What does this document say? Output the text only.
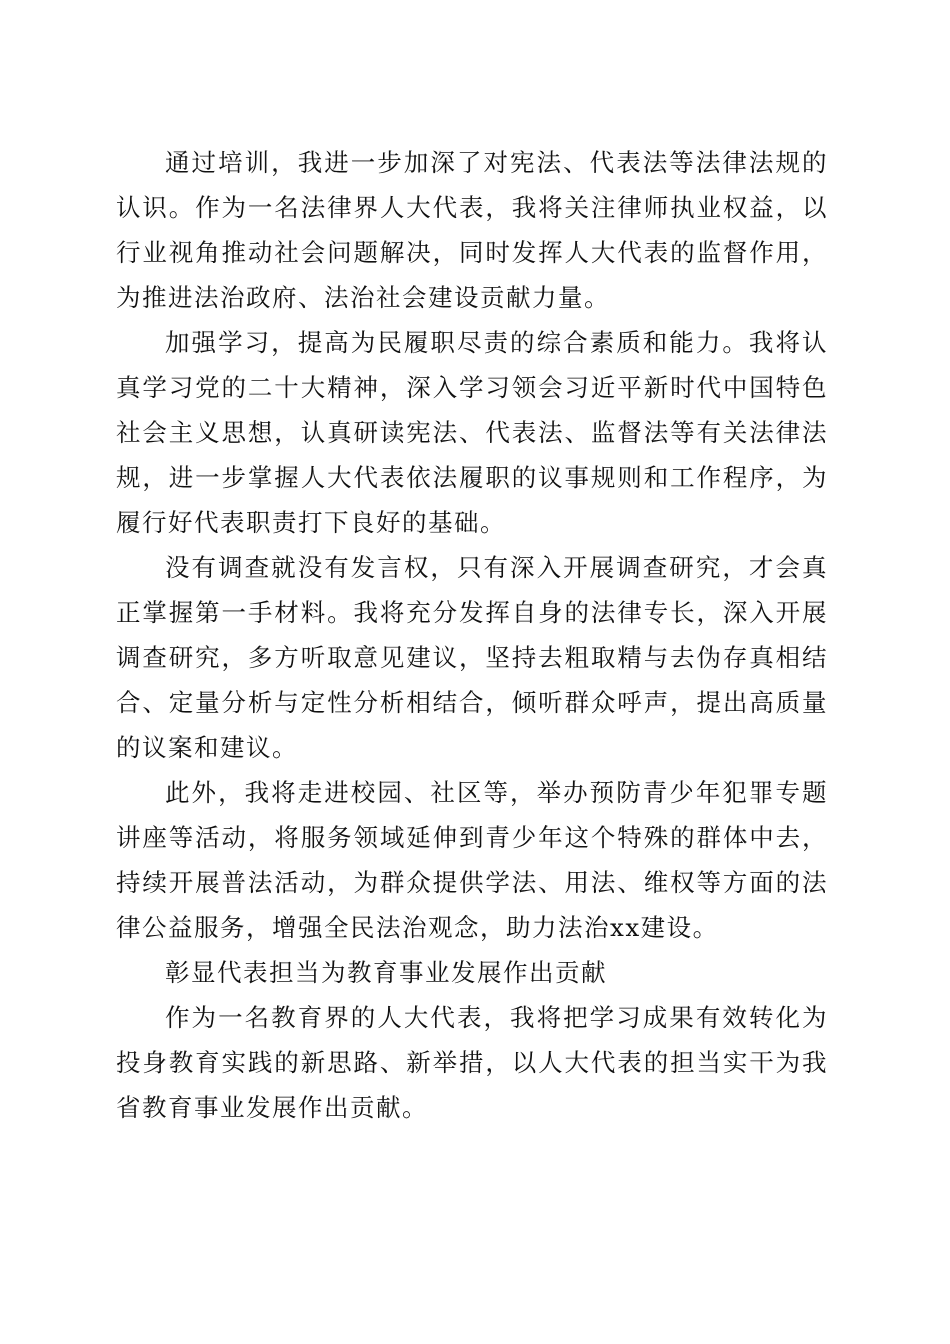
通过培训，我进一步加深了对宪法、代表法等法律法规的认识。作为一名法律界人大代表，我将关注律师执业权益，以行业视角推动社会问题解决，同时发挥人大代表的监督作用，为推进法治政府、法治社会建设贡献力量。

加强学习，提高为民履职尽责的综合素质和能力。我将认真学习党的二十大精神，深入学习领会习近平新时代中国特色社会主义思想，认真研读宪法、代表法、监督法等有关法律法规，进一步掌握人大代表依法履职的议事规则和工作程序，为履行好代表职责打下良好的基础。

没有调查就没有发言权，只有深入开展调查研究，才会真正掌握第一手材料。我将充分发挥自身的法律专长，深入开展调查研究，多方听取意见建议，坚持去粗取精与去伪存真相结合、定量分析与定性分析相结合，倾听群众呼声，提出高质量的议案和建议。

此外，我将走进校园、社区等，举办预防青少年犯罪专题讲座等活动，将服务领域延伸到青少年这个特殊的群体中去，持续开展普法活动，为群众提供学法、用法、维权等方面的法律公益服务，增强全民法治观念，助力法治xx建设。

彰显代表担当为教育事业发展作出贡献

作为一名教育界的人大代表，我将把学习成果有效转化为投身教育实践的新思路、新举措，以人大代表的担当实干为我省教育事业发展作出贡献。
